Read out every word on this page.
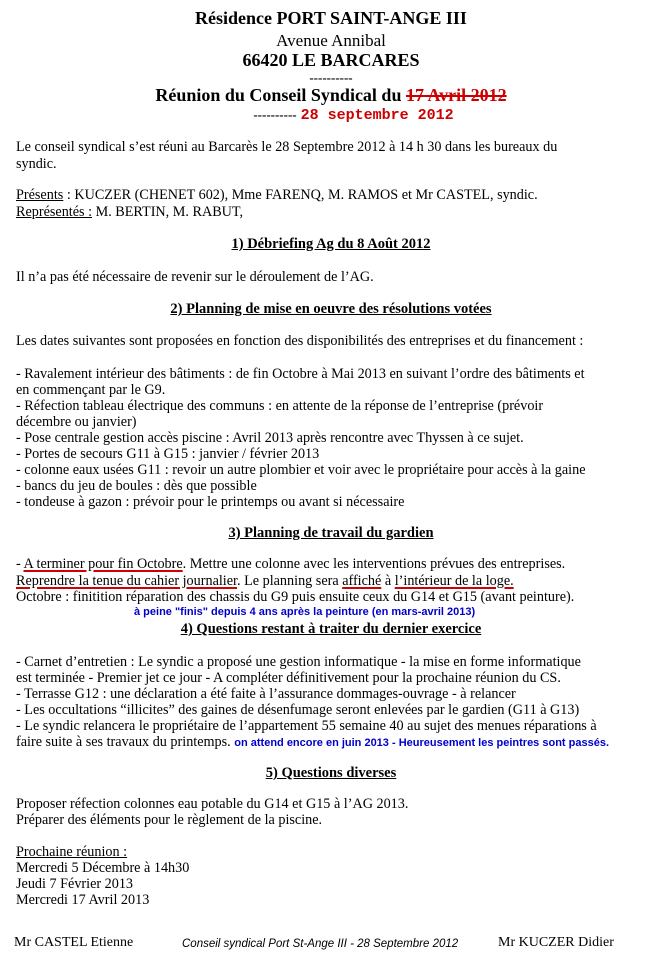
Résidence PORT SAINT-ANGE III
Avenue Annibal
66420 LE BARCARES
----------
Réunion du Conseil Syndical du 17 Avril 2012
---------- 28 septembre 2012
Le conseil syndical s’est réuni au Barcarès le 28 Septembre 2012 à 14 h 30 dans les bureaux du
syndic.
Présents : KUCZER (CHENET 602), Mme FARENQ, M. RAMOS et Mr CASTEL, syndic.
Représentés : M. BERTIN, M. RABUT,
1) Débriefing Ag du 8 Août 2012
Il n’a pas été nécessaire de revenir sur le déroulement de l’AG.
2) Planning de mise en oeuvre des résolutions votées
Les dates suivantes sont proposées en fonction des disponibilités des entreprises et du financement :
- Ravalement intérieur des bâtiments : de fin Octobre à Mai 2013 en suivant l’ordre des bâtiments et
en commençant par le G9.
- Réfection tableau électrique des communs : en attente de la réponse de l’entreprise (prévoir
décembre ou janvier)
- Pose centrale gestion accès piscine : Avril 2013 après rencontre avec Thyssen à ce sujet.
- Portes de secours G11 à G15 : janvier / février 2013
- colonne eaux usées G11 : revoir un autre plombier et voir avec le propriétaire pour accès à la gaine
- bancs du jeu de boules : dès que possible
- tondeuse à gazon : prévoir pour le printemps ou avant si nécessaire
3) Planning de travail du gardien
- A terminer pour fin Octobre. Mettre une colonne avec les interventions prévues des entreprises.
Reprendre la tenue du cahier journalier. Le planning sera affiché à l’intérieur de la loge.
Octobre : finitition réparation des chassis du G9 puis ensuite ceux du G14 et G15 (avant peinture).
à peine "finis" depuis 4 ans après la peinture (en mars-avril 2013)
4) Questions restant à traiter du dernier exercice
- Carnet d’entretien : Le syndic a proposé une gestion informatique - la mise en forme informatique
est terminée - Premier jet ce jour - A compléter définitivement pour la prochaine réunion du CS.
- Terrasse G12 : une déclaration a été faite à l’assurance dommages-ouvrage - à relancer
- Les occultations “illicites” des gaines de désenfumage seront enlevées par le gardien (G11 à G13)
- Le syndic relancera le propriétaire de l’appartement 55 semaine 40 au sujet des menues réparations à
faire suite à ses travaux du printemps. on attend encore en juin 2013 - Heureusement les peintres sont passés.
5) Questions diverses
Proposer réfection colonnes eau potable du G14 et G15 à l’AG 2013.
Préparer des éléments pour le règlement de la piscine.
Prochaine réunion :
Mercredi 5 Décembre à 14h30
Jeudi 7 Février 2013
Mercredi 17 Avril 2013
Mr CASTEL Etienne	Conseil syndical Port St-Ange III - 28 Septembre 2012	Mr KUCZER Didier
